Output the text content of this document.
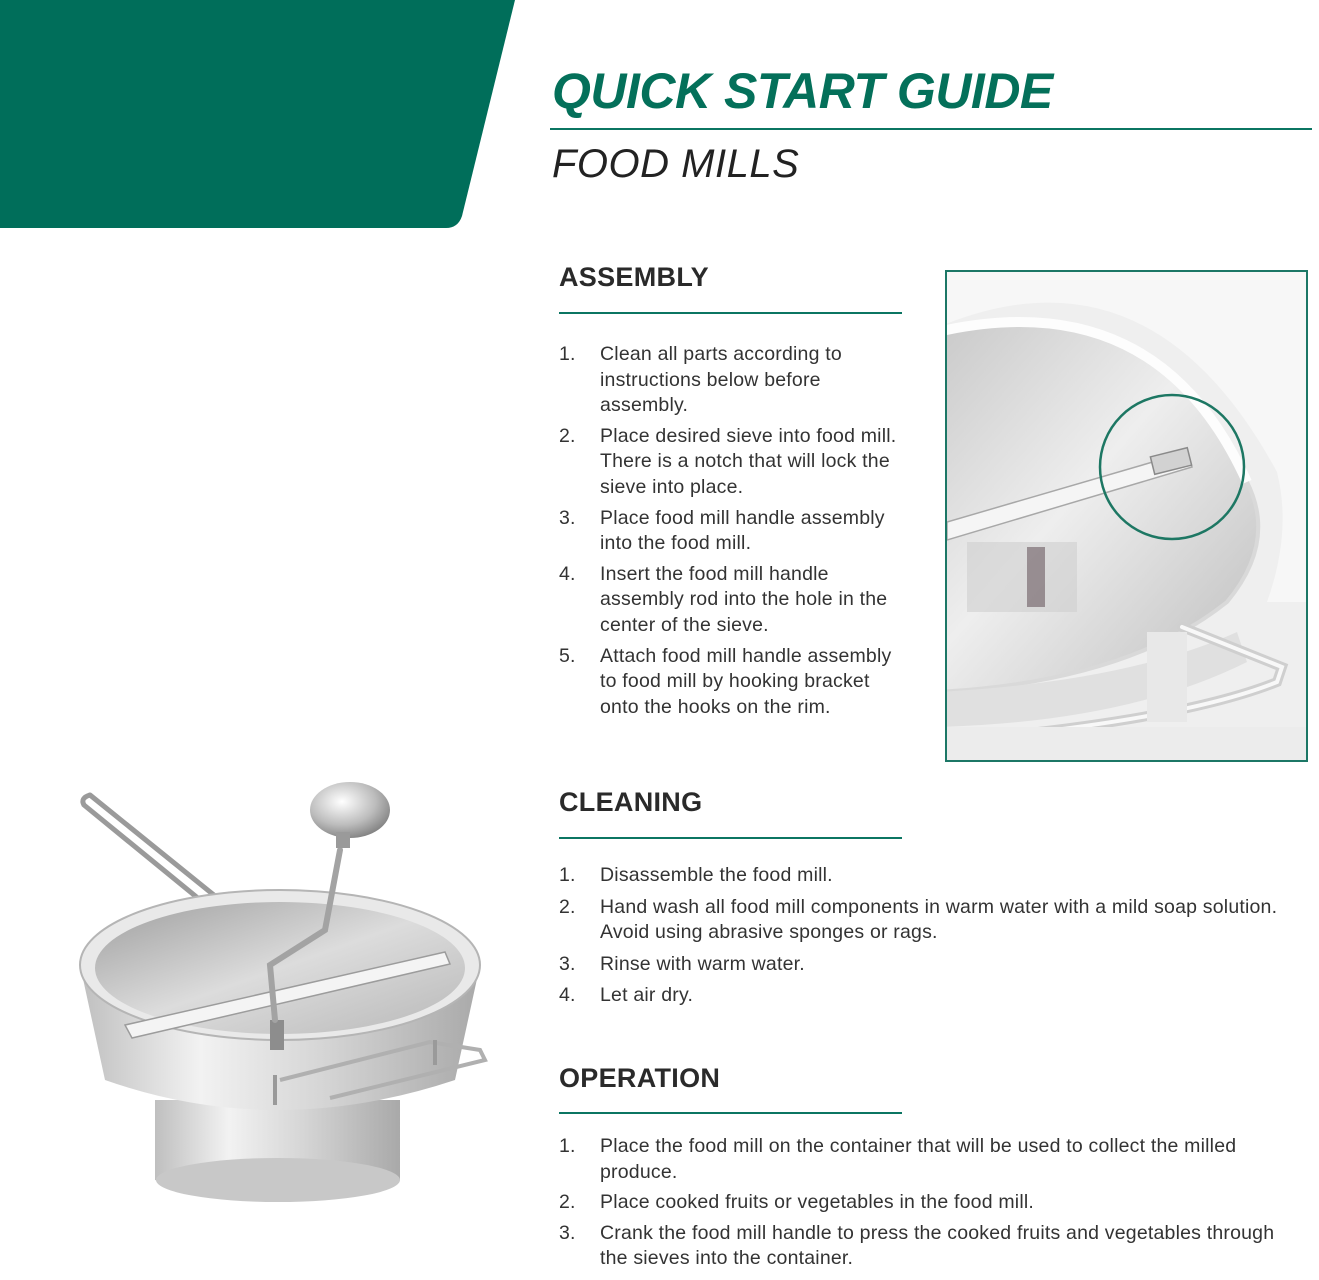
QUICK START GUIDE
FOOD MILLS
ASSEMBLY
1. Clean all parts according to instructions below before assembly.
2. Place desired sieve into food mill. There is a notch that will lock the sieve into place.
3. Place food mill handle assembly into the food mill.
4. Insert the food mill handle assembly rod into the hole in the center of the sieve.
5. Attach food mill handle assembly to food mill by hooking bracket onto the hooks on the rim.
CLEANING
1. Disassemble the food mill.
2. Hand wash all food mill components in warm water with a mild soap solution. Avoid using abrasive sponges or rags.
3. Rinse with warm water.
4. Let air dry.
OPERATION
1. Place the food mill on the container that will be used to collect the milled produce.
2. Place cooked fruits or vegetables in the food mill.
3. Crank the food mill handle to press the cooked fruits and vegetables through the sieves into the container.
